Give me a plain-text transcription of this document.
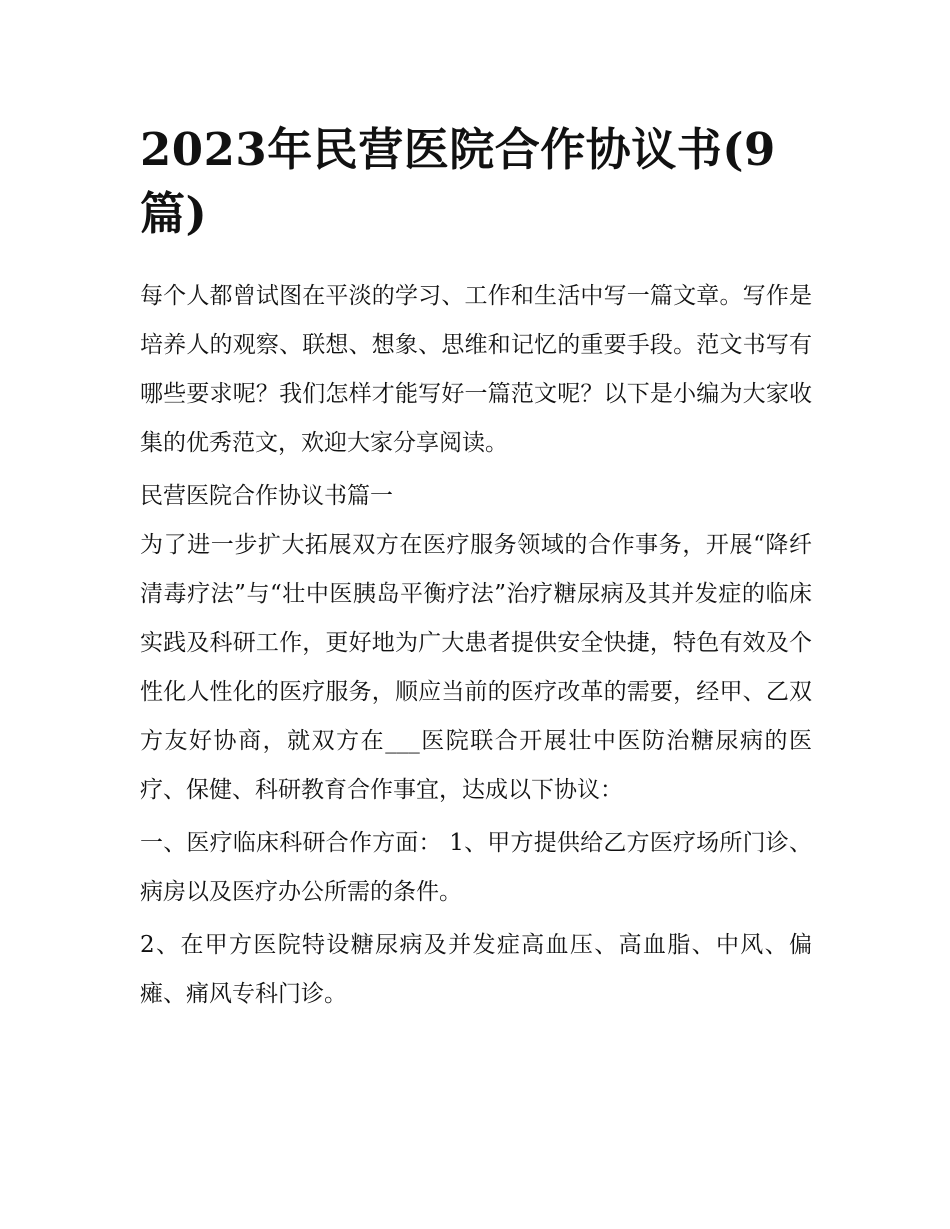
2023年民营医院合作协议书(9篇)

每个人都曾试图在平淡的学习、工作和生活中写一篇文章。写作是培养人的观察、联想、想象、思维和记忆的重要手段。范文书写有哪些要求呢？我们怎样才能写好一篇范文呢？以下是小编为大家收集的优秀范文，欢迎大家分享阅读。

民营医院合作协议书篇一

为了进一步扩大拓展双方在医疗服务领域的合作事务，开展“降纤清毒疗法”与“壮中医胰岛平衡疗法”治疗糖尿病及其并发症的临床实践及科研工作，更好地为广大患者提供安全快捷，特色有效及个性化人性化的医疗服务，顺应当前的医疗改革的需要，经甲、乙双方友好协商，就双方在___医院联合开展壮中医防治糖尿病的医疗、保健、科研教育合作事宜，达成以下协议：

一、医疗临床科研合作方面： 1、甲方提供给乙方医疗场所门诊、病房以及医疗办公所需的条件。

2、在甲方医院特设糖尿病及并发症高血压、高血脂、中风、偏瘫、痛风专科门诊。
